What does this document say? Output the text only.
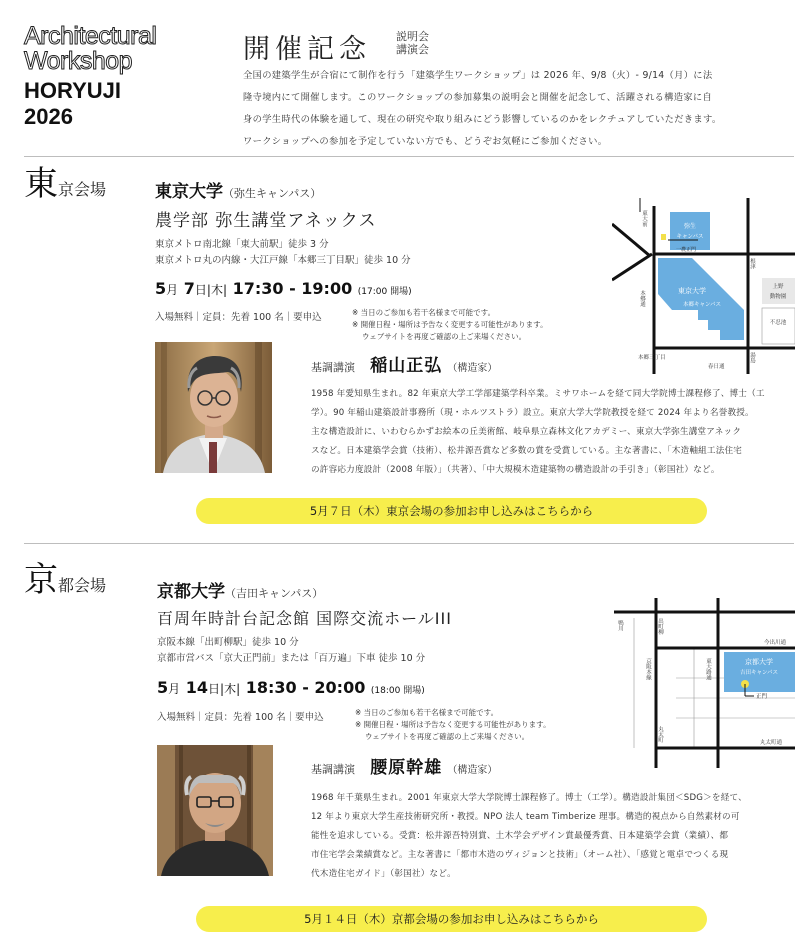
Architectural
Workshop
HORYUJI
2026
開催記念 説明会
講演会
全国の建築学生が合宿にて制作を行う「建築学生ワークショップ」は 2026 年、9/8（火）- 9/14（月）に法
隆寺境内にて開催します。このワークショップの参加募集の説明会と開催を記念して、活躍される構造家に自
身の学生時代の体験を通して、現在の研究や取り組みにどう影響しているのかをレクチュアしていただきます。
ワークショップへの参加を予定していない方でも、どうぞお気軽にご参加ください。
東京会場	東京大学（弥生キャンパス）
農学部 弥生講堂アネックス
東京メトロ南北線「東大前駅」徒歩 3 分
東京メトロ丸の内線・大江戸線「本郷三丁目駅」徒歩 10 分
5月 7日|木| 17:30 - 19:00 (17:00 開場)
入場無料｜定員：先着 100 名｜要申込	※ 当日のご参加も若干名様まで可能です。
※ 開催日程・場所は予告なく変更する可能性があります。
ウェブサイトを再度ご確認の上ご来場ください。
基調講演 稲山正弘 （構造家）
1958 年愛知県生まれ。82 年東京大学工学部建築学科卒業。ミサワホームを経て同大学院博士課程修了、博士（工
学）。90 年稲山建築設計事務所（現・ホルツストラ）設立。東京大学大学院教授を経て 2024 年より名誉教授。
主な構造設計に、いわむらかずお絵本の丘美術館、岐阜県立森林文化アカデミー、東京大学弥生講堂アネック
スなど。日本建築学会賞（技術）、松井源吾賞など多数の賞を受賞している。主な著書に、「木造軸組工法住宅
の許容応力度設計（2008 年版）」（共著）、「中大規模木造建築物の構造設計の手引き」（彰国社）など。
東大前	弥生
キャンパス
一農正門
東京大学
本郷キャンパス
根津
上野
動物園
不忍池
本郷通
本郷三丁目
春日通
湯島
5月７日（木）東京会場の参加お申し込みはこちらから
京都会場	京都大学（吉田キャンパス）
百周年時計台記念館 国際交流ホールIII
京阪本線「出町柳駅」徒歩 10 分
京都市営バス「京大正門前」または「百万遍」下車 徒歩 10 分
5月 14日|木| 18:30 - 20:00 (18:00 開場)
入場無料｜定員：先着 100 名｜要申込	※ 当日のご参加も若干名様まで可能です。
※ 開催日程・場所は予告なく変更する可能性があります。
ウェブサイトを再度ご確認の上ご来場ください。
基調講演 腰原幹雄 （構造家）
1968 年千葉県生まれ。2001 年東京大学大学院博士課程修了。博士（工学）。構造設計集団＜SDG＞を経て、
12 年より東京大学生産技術研究所・教授。NPO 法人 team Timberize 理事。構造的視点から自然素材の可
能性を追求している。受賞：松井源吾特別賞、土木学会デザイン賞最優秀賞、日本建築学会賞（業績）、都
市住宅学会業績賞など。主な著書に「都市木造のヴィジョンと技術」（オーム社）、「感覚と電卓でつくる現
代木造住宅ガイド」（彰国社）など。
出町柳
鴨川
今出川通
京阪本線	東大路通	京都大学
吉田キャンパス
正門
丸太町
丸太町通
5月１４日（木）京都会場の参加お申し込みはこちらから
